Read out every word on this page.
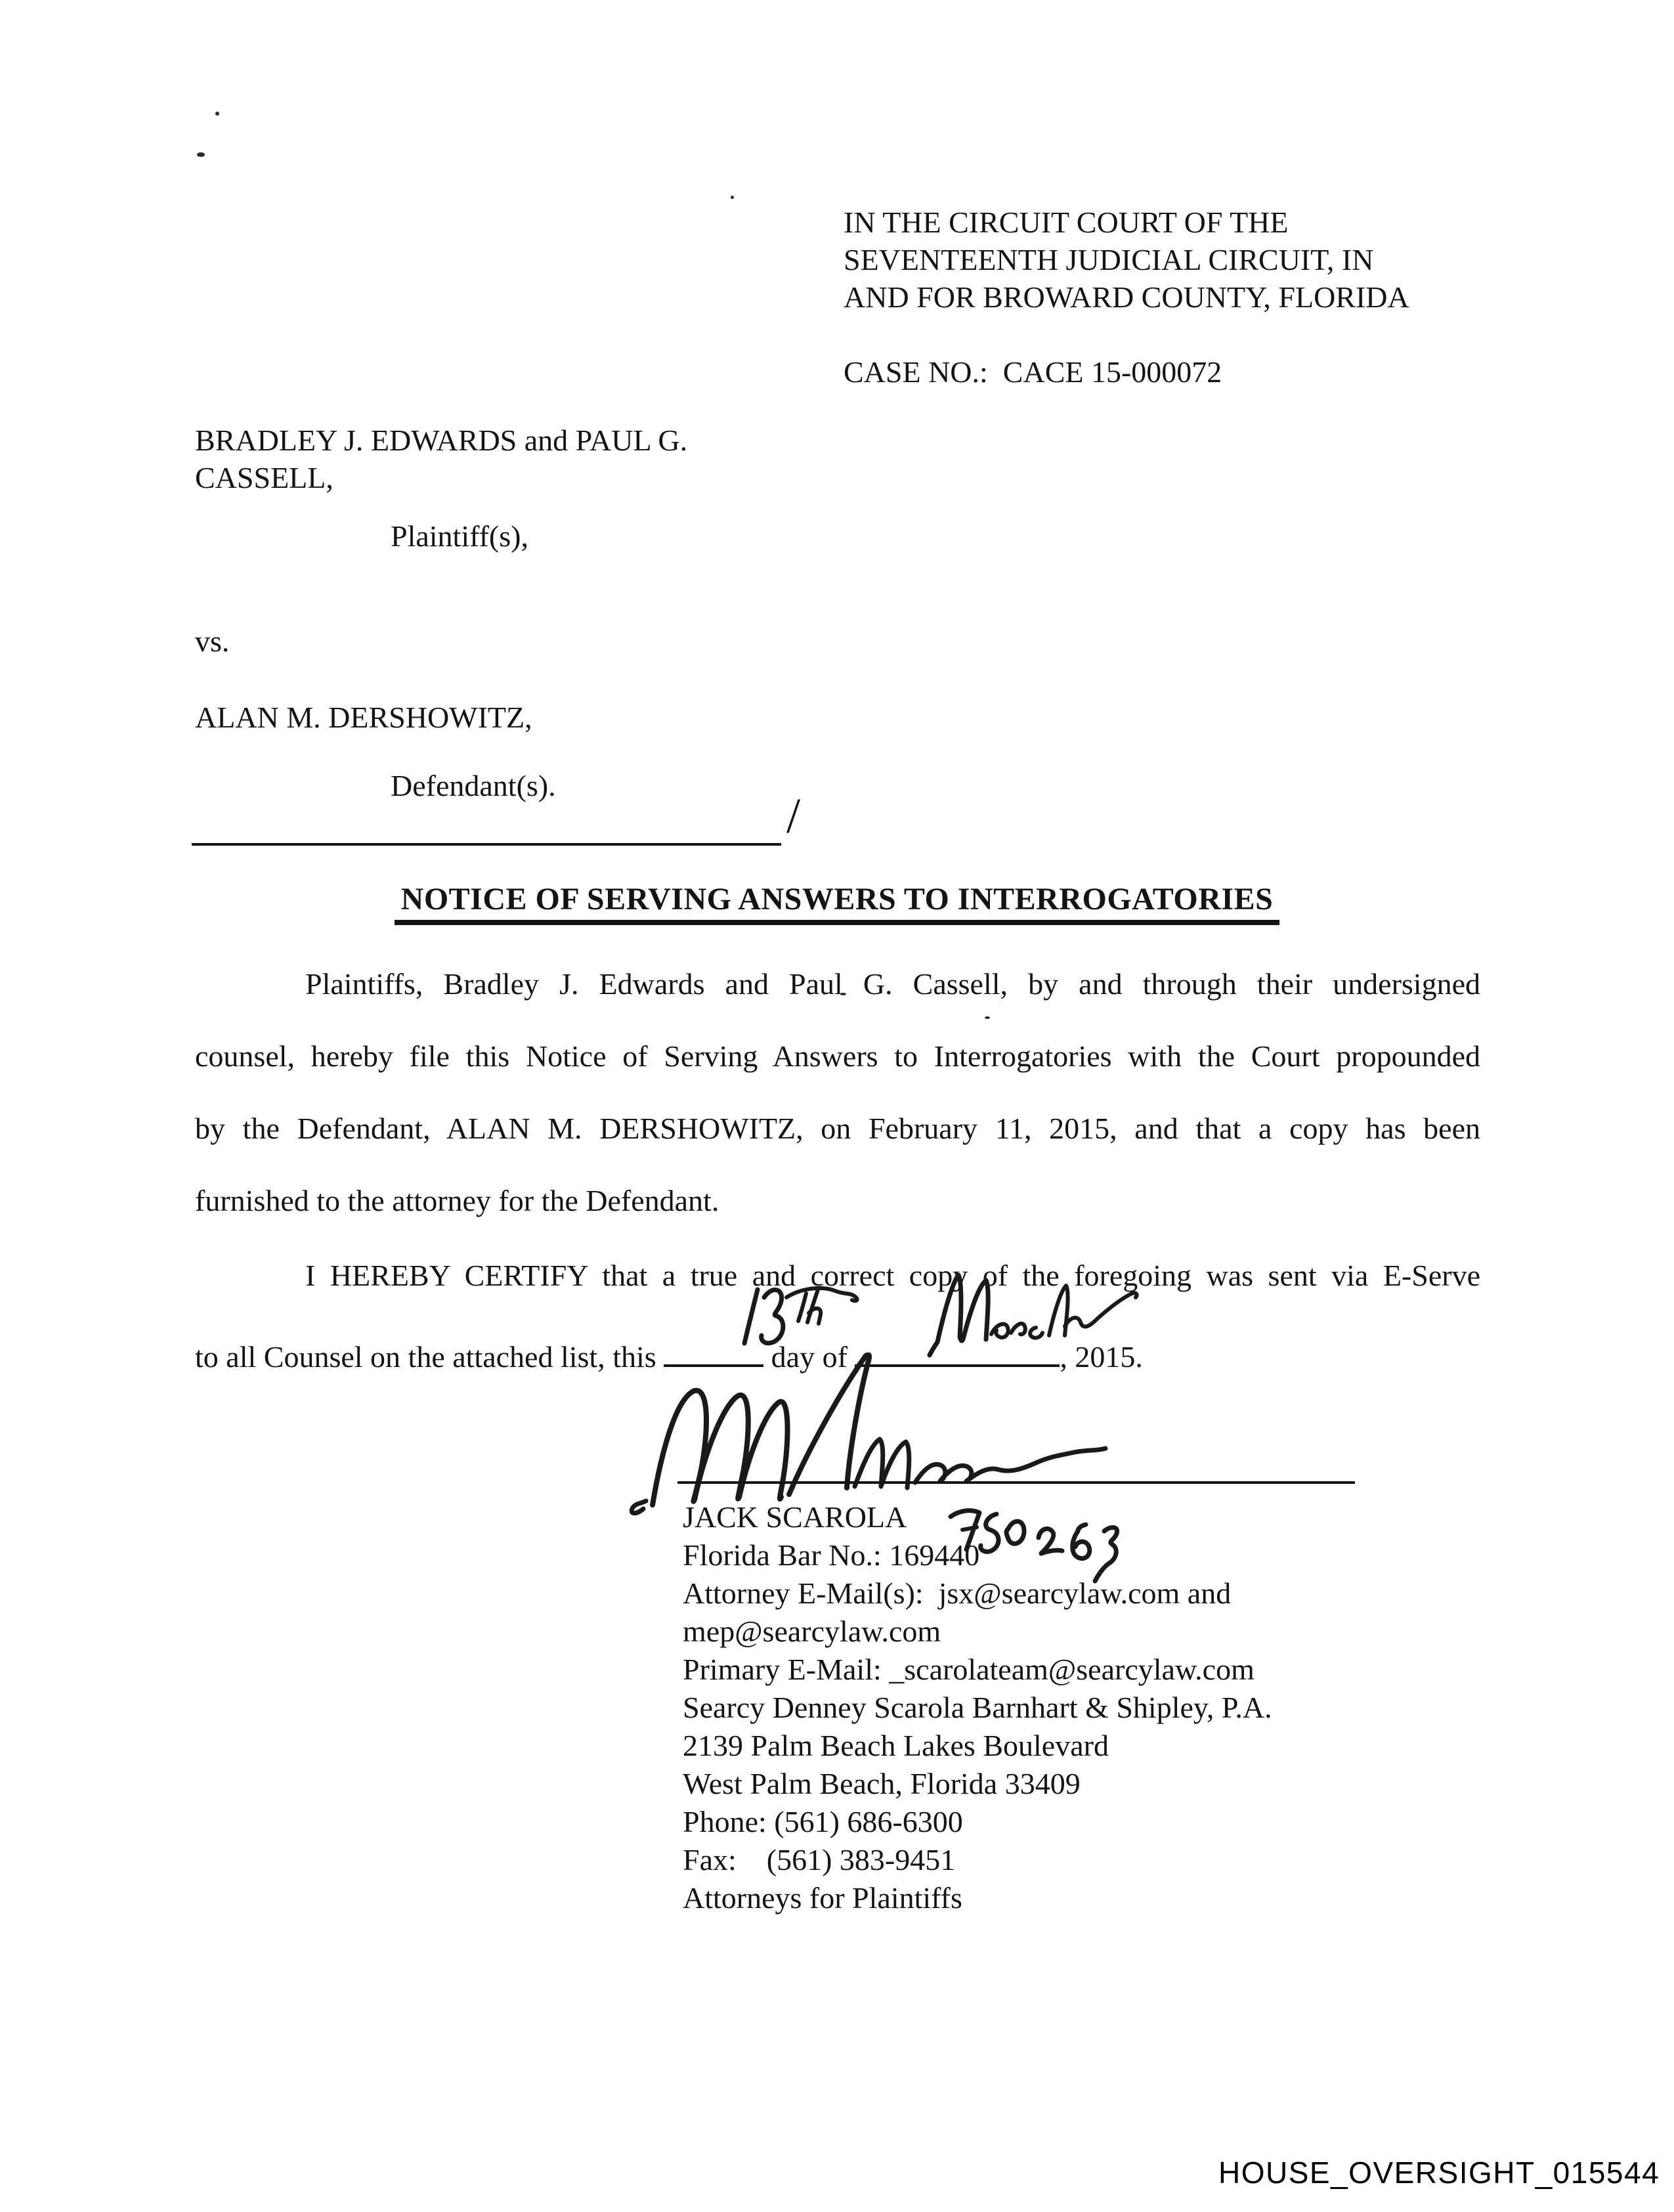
IN THE CIRCUIT COURT OF THE
SEVENTEENTH JUDICIAL CIRCUIT, IN
AND FOR BROWARD COUNTY, FLORIDA
CASE NO.:  CACE 15-000072
BRADLEY J. EDWARDS and PAUL G.
CASSELL,
Plaintiff(s),
vs.
ALAN M. DERSHOWITZ,
Defendant(s).
/
NOTICE OF SERVING ANSWERS TO INTERROGATORIES
Plaintiffs, Bradley J. Edwards and Paul G. Cassell, by and through their undersigned
counsel, hereby file this Notice of Serving Answers to Interrogatories with the Court propounded
by the Defendant, ALAN M. DERSHOWITZ, on February 11, 2015, and that a copy has been
furnished to the attorney for the Defendant.
I HEREBY CERTIFY that a true and correct copy of the foregoing was sent via E-Serve
to all Counsel on the attached list, this	day of	, 2015.
JACK SCAROLA
Florida Bar No.: 169440
Attorney E-Mail(s):  jsx@searcylaw.com and
mep@searcylaw.com
Primary E-Mail: _scarolateam@searcylaw.com
Searcy Denney Scarola Barnhart & Shipley, P.A.
2139 Palm Beach Lakes Boulevard
West Palm Beach, Florida 33409
Phone: (561) 686-6300
Fax:    (561) 383-9451
Attorneys for Plaintiffs
HOUSE_OVERSIGHT_015544
